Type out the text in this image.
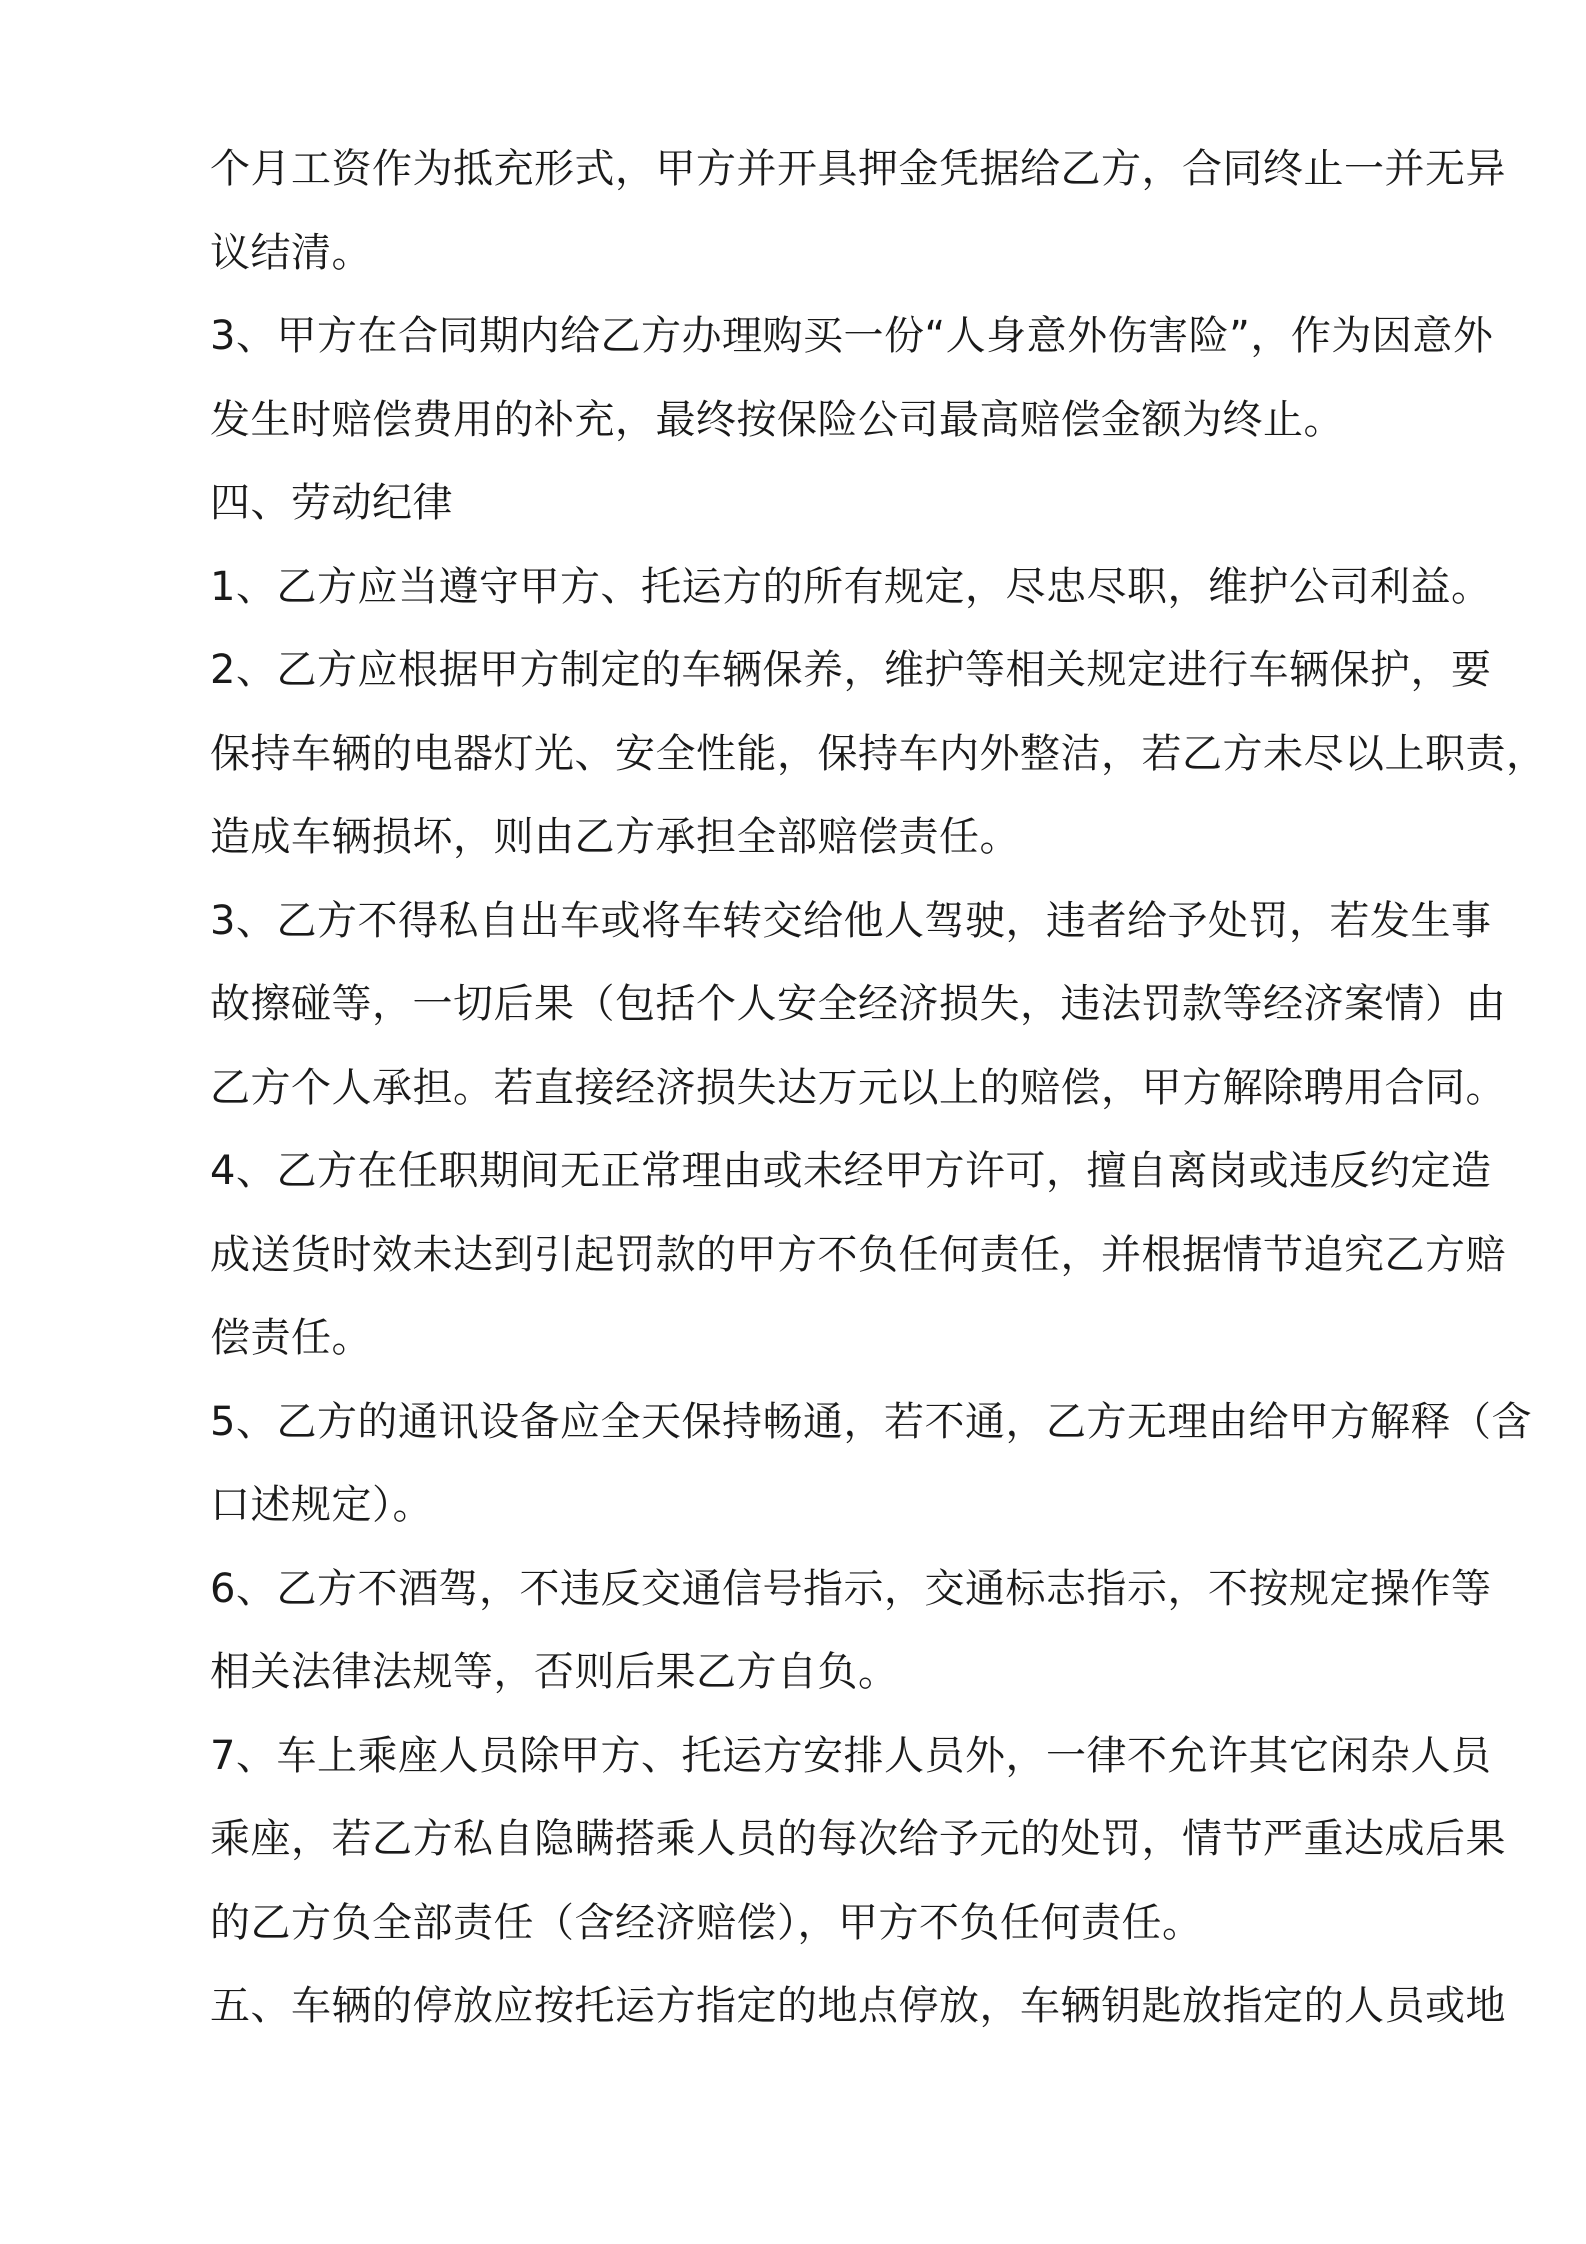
个月工资作为抵充形式，甲方并开具押金凭据给乙方，合同终止一并无异
议结清。
3、甲方在合同期内给乙方办理购买一份“人身意外伤害险”，作为因意外
发生时赔偿费用的补充，最终按保险公司最高赔偿金额为终止。
四、劳动纪律
1、乙方应当遵守甲方、托运方的所有规定，尽忠尽职，维护公司利益。
2、乙方应根据甲方制定的车辆保养，维护等相关规定进行车辆保护，要
保持车辆的电器灯光、安全性能，保持车内外整洁，若乙方未尽以上职责，
造成车辆损坏，则由乙方承担全部赔偿责任。
3、乙方不得私自出车或将车转交给他人驾驶，违者给予处罚，若发生事
故擦碰等，一切后果（包括个人安全经济损失，违法罚款等经济案情）由
乙方个人承担。若直接经济损失达万元以上的赔偿，甲方解除聘用合同。
4、乙方在任职期间无正常理由或未经甲方许可，擅自离岗或违反约定造
成送货时效未达到引起罚款的甲方不负任何责任，并根据情节追究乙方赔
偿责任。
5、乙方的通讯设备应全天保持畅通，若不通，乙方无理由给甲方解释（含
口述规定）。
6、乙方不酒驾，不违反交通信号指示，交通标志指示，不按规定操作等
相关法律法规等，否则后果乙方自负。
7、车上乘座人员除甲方、托运方安排人员外，一律不允许其它闲杂人员
乘座，若乙方私自隐瞒搭乘人员的每次给予元的处罚，情节严重达成后果
的乙方负全部责任（含经济赔偿），甲方不负任何责任。
五、车辆的停放应按托运方指定的地点停放，车辆钥匙放指定的人员或地
